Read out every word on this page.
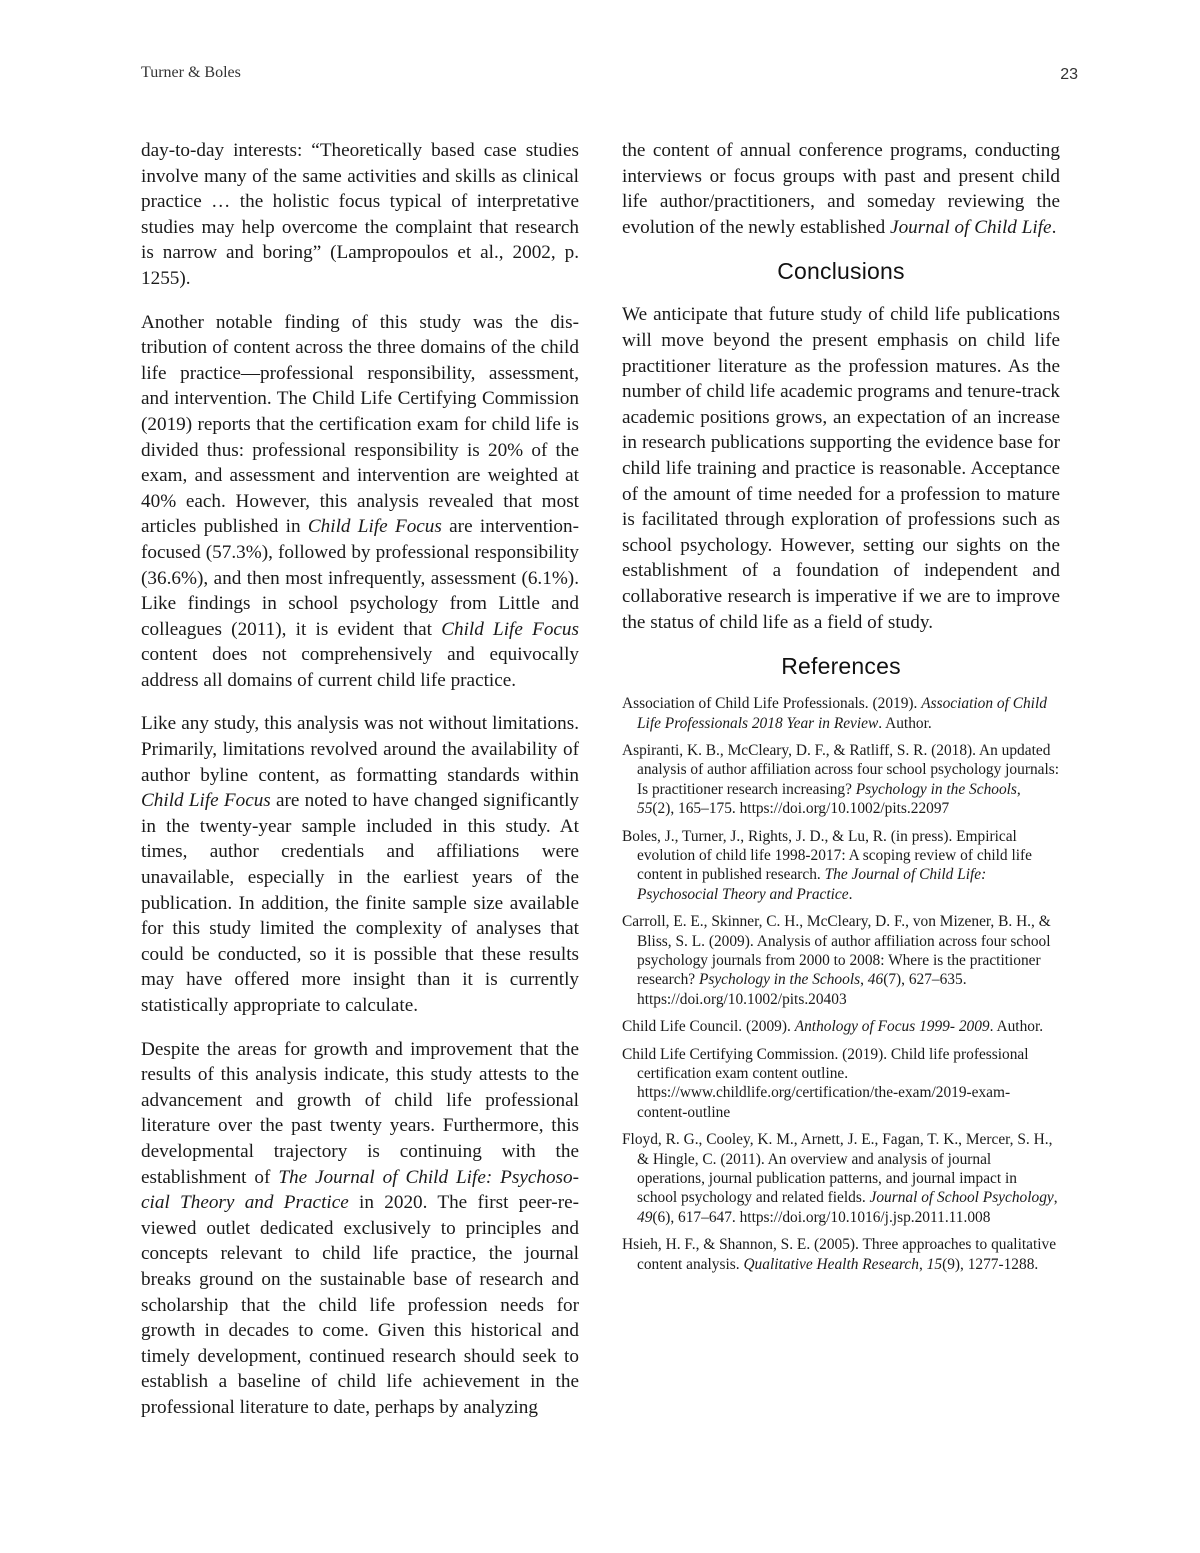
Turner & Boles	23

day-to-day interests: “Theoretically based case studies involve many of the same activities and skills as clinical practice … the holistic focus typical of interpretative studies may help overcome the complaint that research is narrow and boring” (Lampropoulos et al., 2002, p. 1255).

Another notable finding of this study was the distribution of content across the three domains of the child life practice—professional responsibility, assessment, and intervention. The Child Life Certifying Commission (2019) reports that the certification exam for child life is divided thus: professional responsibility is 20% of the exam, and assessment and intervention are weighted at 40% each. However, this analysis revealed that most articles published in Child Life Focus are intervention-focused (57.3%), followed by professional responsibility (36.6%), and then most infrequently, assessment (6.1%). Like findings in school psychology from Little and colleagues (2011), it is evident that Child Life Focus content does not comprehensively and equivocally address all domains of current child life practice.

Like any study, this analysis was not without limitations. Primarily, limitations revolved around the availability of author byline content, as formatting standards within Child Life Focus are noted to have changed significantly in the twenty-year sample included in this study. At times, author credentials and affiliations were unavailable, especially in the earliest years of the publication. In addition, the finite sample size available for this study limited the complexity of analyses that could be conducted, so it is possible that these results may have offered more insight than it is currently statistically appropriate to calculate.

Despite the areas for growth and improvement that the results of this analysis indicate, this study attests to the advancement and growth of child life professional literature over the past twenty years. Furthermore, this developmental trajectory is continuing with the establishment of The Journal of Child Life: Psychosocial Theory and Practice in 2020. The first peer-reviewed outlet dedicated exclusively to principles and concepts relevant to child life practice, the journal breaks ground on the sustainable base of research and scholarship that the child life profession needs for growth in decades to come. Given this historical and timely development, continued research should seek to establish a baseline of child life achievement in the professional literature to date, perhaps by analyzing

the content of annual conference programs, conducting interviews or focus groups with past and present child life author/practitioners, and someday reviewing the evolution of the newly established Journal of Child Life.

Conclusions

We anticipate that future study of child life publications will move beyond the present emphasis on child life practitioner literature as the profession matures. As the number of child life academic programs and tenure-track academic positions grows, an expectation of an increase in research publications supporting the evidence base for child life training and practice is reasonable. Acceptance of the amount of time needed for a profession to mature is facilitated through exploration of professions such as school psychology. However, setting our sights on the establishment of a foundation of independent and collaborative research is imperative if we are to improve the status of child life as a field of study.

References

Association of Child Life Professionals. (2019). Association of Child Life Professionals 2018 Year in Review. Author.

Aspiranti, K. B., McCleary, D. F., & Ratliff, S. R. (2018). An updated analysis of author affiliation across four school psychology journals: Is practitioner research increasing? Psychology in the Schools, 55(2), 165–175. https://doi.org/10.1002/pits.22097

Boles, J., Turner, J., Rights, J. D., & Lu, R. (in press). Empirical evolution of child life 1998-2017: A scoping review of child life content in published research. The Journal of Child Life: Psychosocial Theory and Practice.

Carroll, E. E., Skinner, C. H., McCleary, D. F., von Mizener, B. H., & Bliss, S. L. (2009). Analysis of author affiliation across four school psychology journals from 2000 to 2008: Where is the practitioner research? Psychology in the Schools, 46(7), 627–635. https://doi.org/10.1002/pits.20403

Child Life Council. (2009). Anthology of Focus 1999- 2009. Author.

Child Life Certifying Commission. (2019). Child life professional certification exam content outline. https://www.childlife.org/certification/the-exam/2019-exam-content-outline

Floyd, R. G., Cooley, K. M., Arnett, J. E., Fagan, T. K., Mercer, S. H., & Hingle, C. (2011). An overview and analysis of journal operations, journal publication patterns, and journal impact in school psychology and related fields. Journal of School Psychology, 49(6), 617–647. https://doi.org/10.1016/j.jsp.2011.11.008

Hsieh, H. F., & Shannon, S. E. (2005). Three approaches to qualitative content analysis. Qualitative Health Research, 15(9), 1277-1288.
